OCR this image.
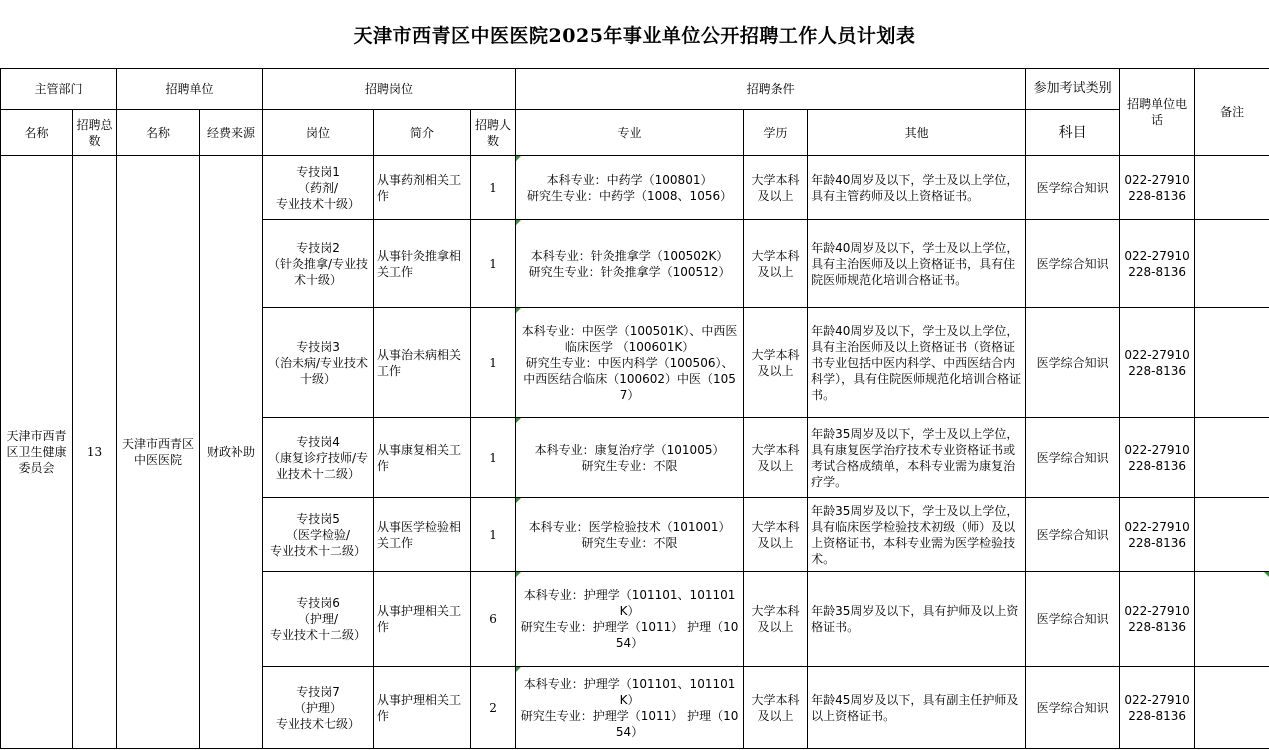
天津市西青区中医医院2025年事业单位公开招聘工作人员计划表
主管部门		招聘单位		招聘岗位			招聘条件			参加考试类别	招聘单位电话	备注
名称	招聘总数	名称	经费来源	岗位	简介	招聘人数	专业	学历	其他	科目		
天津市西青区卫生健康委员会	13	天津市西青区中医医院	财政补助	专技岗1
（药剂/
专业技术十级）	从事药剂相关工作	1	本科专业：中药学（100801）
研究生专业：中药学（1008、1056）	大学本科及以上	年龄40周岁及以下，学士及以上学位，具有主管药师及以上资格证书。	医学综合知识	022-27910228-8136	
				专技岗2
（针灸推拿/专业技术十级）	从事针灸推拿相关工作	1	本科专业：针灸推拿学（100502K）
研究生专业：针灸推拿学（100512）	大学本科及以上	年龄40周岁及以下，学士及以上学位，具有主治医师及以上资格证书，具有住院医师规范化培训合格证书。	医学综合知识	022-27910228-8136	
				专技岗3
（治未病/专业技术十级）	从事治未病相关工作	1	本科专业：中医学（100501K）、中西医临床医学 （100601K）
研究生专业：中医内科学（100506）、 中西医结合临床（100602）中医（1057）	大学本科及以上	年龄40周岁及以下，学士及以上学位，具有主治医师及以上资格证书（资格证书专业包括中医内科学、中西医结合内科学），具有住院医师规范化培训合格证书。	医学综合知识	022-27910228-8136	
				专技岗4
（康复诊疗技师/专业技术十二级）	从事康复相关工作	1	本科专业：康复治疗学（101005）
研究生专业：不限	大学本科及以上	年龄35周岁及以下，学士及以上学位，具有康复医学治疗技术专业资格证书或考试合格成绩单，本科专业需为康复治疗学。	医学综合知识	022-27910228-8136	
				专技岗5
（医学检验/
专业技术十二级）	从事医学检验相关工作	1	本科专业：医学检验技术（101001）
研究生专业：不限	大学本科及以上	年龄35周岁及以下，学士及以上学位，具有临床医学检验技术初级（师）及以上资格证书，本科专业需为医学检验技术。	医学综合知识	022-27910228-8136	
				专技岗6
（护理/
专业技术十二级）	从事护理相关工作	6	本科专业：护理学（101101、101101K）
研究生专业：护理学（1011） 护理（1054）	大学本科及以上	年龄35周岁及以下，具有护师及以上资格证书。	医学综合知识	022-27910228-8136	
				专技岗7
（护理）
专业技术七级）	从事护理相关工作	2	本科专业：护理学（101101、101101K）
研究生专业：护理学（1011） 护理（1054）	大学本科及以上	年龄45周岁及以下，具有副主任护师及以上资格证书。	医学综合知识	022-27910228-8136	
